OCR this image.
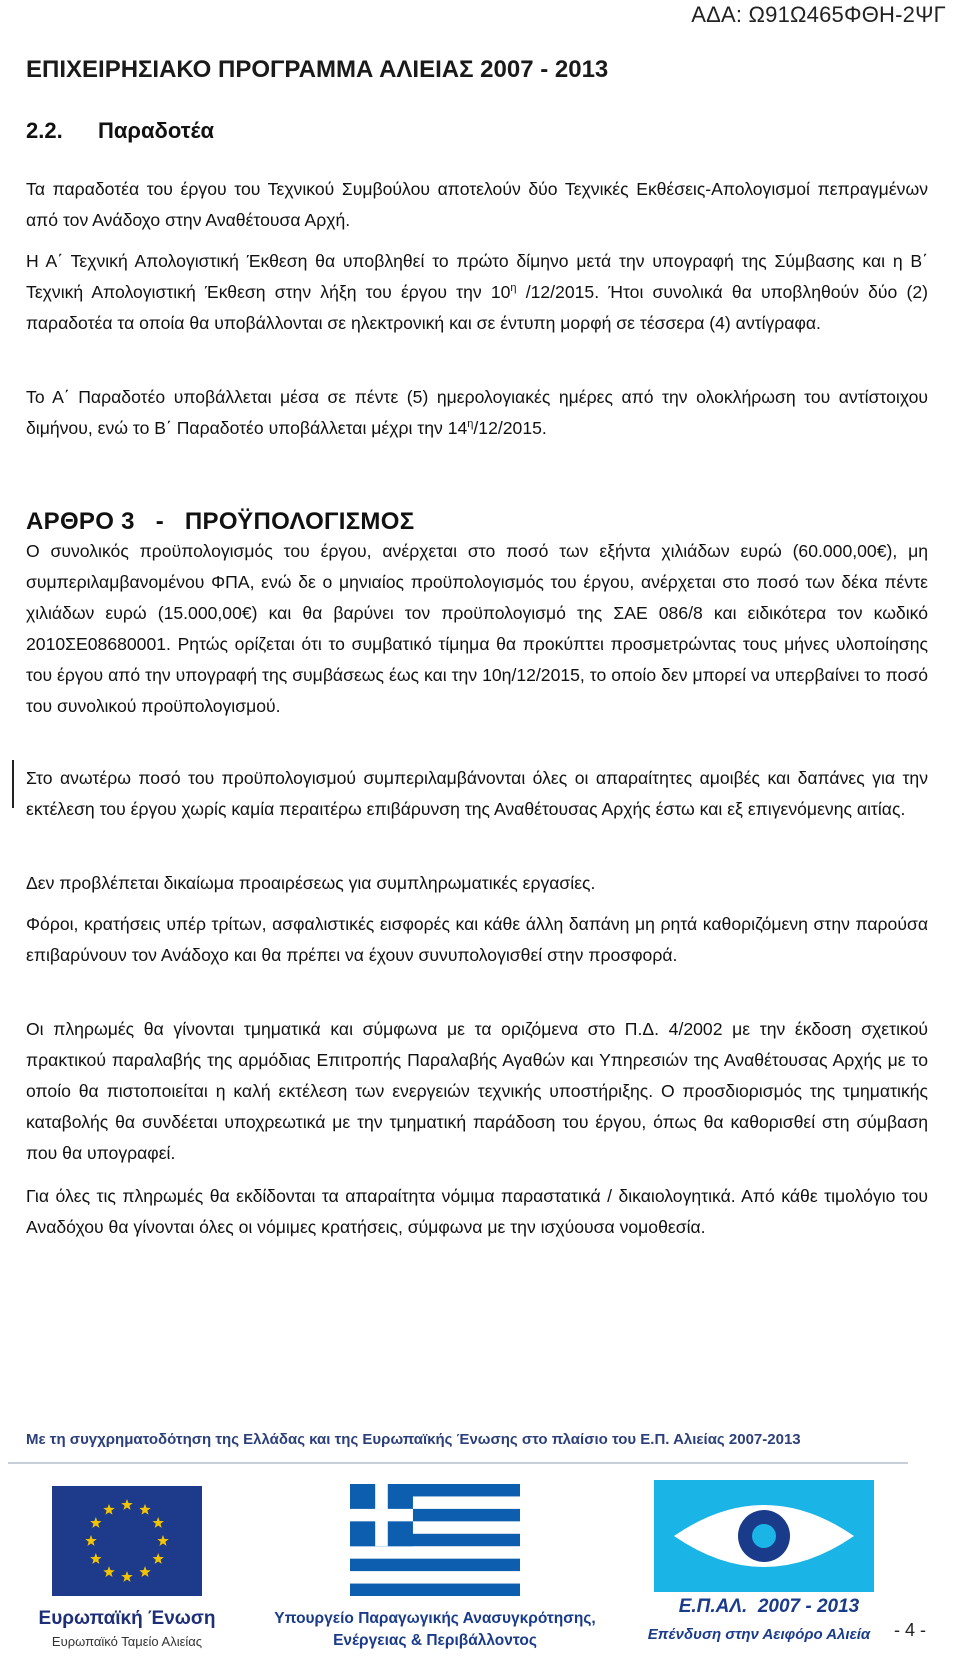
ΑΔΑ: Ω91Ω465ΦΘΗ-2ΨΓ
ΕΠΙΧΕΙΡΗΣΙΑΚΟ ΠΡΟΓΡΑΜΜΑ ΑΛΙΕΙΑΣ 2007 - 2013
2.2. Παραδοτέα
Τα παραδοτέα του έργου του Τεχνικού Συμβούλου αποτελούν δύο Τεχνικές Εκθέσεις-Απολογισμοί πεπραγμένων από τον Ανάδοχο στην Αναθέτουσα Αρχή.
Η Α΄ Τεχνική Απολογιστική Έκθεση θα υποβληθεί το πρώτο δίμηνο μετά την υπογραφή της Σύμβασης και η Β΄ Τεχνική Απολογιστική Έκθεση στην λήξη του έργου την $10^\eta$ /12/2015. Ήτοι συνολικά θα υποβληθούν δύο (2) παραδοτέα τα οποία θα υποβάλλονται σε ηλεκτρονική και σε έντυπη μορφή σε τέσσερα (4) αντίγραφα.
Το Α΄ Παραδοτέο υποβάλλεται μέσα σε πέντε (5) ημερολογιακές ημέρες από την ολοκλήρωση του αντίστοιχου διμήνου, ενώ το Β΄ Παραδοτέο υποβάλλεται μέχρι την $14^\eta/12/2015$.
ΑΡΘΡΟ 3   -   ΠΡΟΫΠΟΛΟΓΙΣΜΟΣ
Ο συνολικός προϋπολογισμός του έργου, ανέρχεται στο ποσό των εξήντα χιλιάδων ευρώ (60.000,00€), μη συμπεριλαμβανομένου ΦΠΑ, ενώ δε ο μηνιαίος προϋπολογισμός του έργου, ανέρχεται στο ποσό των δέκα πέντε χιλιάδων ευρώ (15.000,00€) και θα βαρύνει τον προϋπολογισμό της ΣΑΕ 086/8 και ειδικότερα τον κωδικό 2010ΣΕ08680001. Ρητώς ορίζεται ότι το συμβατικό τίμημα θα προκύπτει προσμετρώντας τους μήνες υλοποίησης του έργου από την υπογραφή της συμβάσεως έως και την 10η/12/2015, το οποίο δεν μπορεί να υπερβαίνει το ποσό του συνολικού προϋπολογισμού.
Στο ανωτέρω ποσό του προϋπολογισμού συμπεριλαμβάνονται όλες οι απαραίτητες αμοιβές και δαπάνες για την εκτέλεση του έργου χωρίς καμία περαιτέρω επιβάρυνση της Αναθέτουσας Αρχής έστω και εξ επιγενόμενης αιτίας.
Δεν προβλέπεται δικαίωμα προαιρέσεως για συμπληρωματικές εργασίες.
Φόροι, κρατήσεις υπέρ τρίτων, ασφαλιστικές εισφορές και κάθε άλλη δαπάνη μη ρητά καθοριζόμενη στην παρούσα επιβαρύνουν τον Ανάδοχο και θα πρέπει να έχουν συνυπολογισθεί στην προσφορά.
Οι πληρωμές θα γίνονται τμηματικά και σύμφωνα με τα οριζόμενα στο Π.Δ. 4/2002 με την έκδοση σχετικού πρακτικού παραλαβής της αρμόδιας Επιτροπής Παραλαβής Αγαθών και Υπηρεσιών της Αναθέτουσας Αρχής με το οποίο θα πιστοποιείται η καλή εκτέλεση των ενεργειών τεχνικής υποστήριξης. Ο προσδιορισμός της τμηματικής καταβολής θα συνδέεται υποχρεωτικά με την τμηματική παράδοση του έργου, όπως θα καθορισθεί στη σύμβαση που θα υπογραφεί.
Για όλες τις πληρωμές θα εκδίδονται τα απαραίτητα νόμιμα παραστατικά / δικαιολογητικά. Από κάθε τιμολόγιο του Αναδόχου θα γίνονται όλες οι νόμιμες κρατήσεις, σύμφωνα με την ισχύουσα νομοθεσία.
Με τη συγχρηματοδότηση της Ελλάδας και της Ευρωπαϊκής Ένωσης στο πλαίσιο του Ε.Π. Αλιείας 2007-2013
Ευρωπαϊκή Ένωση
Ευρωπαϊκό Ταμείο Αλιείας
Υπουργείο Παραγωγικής Ανασυγκρότησης,
Ενέργειας & Περιβάλλοντος
Ε.Π.ΑΛ.  2007 - 2013
Επένδυση στην Αειφόρο Αλιεία	- 4 -
